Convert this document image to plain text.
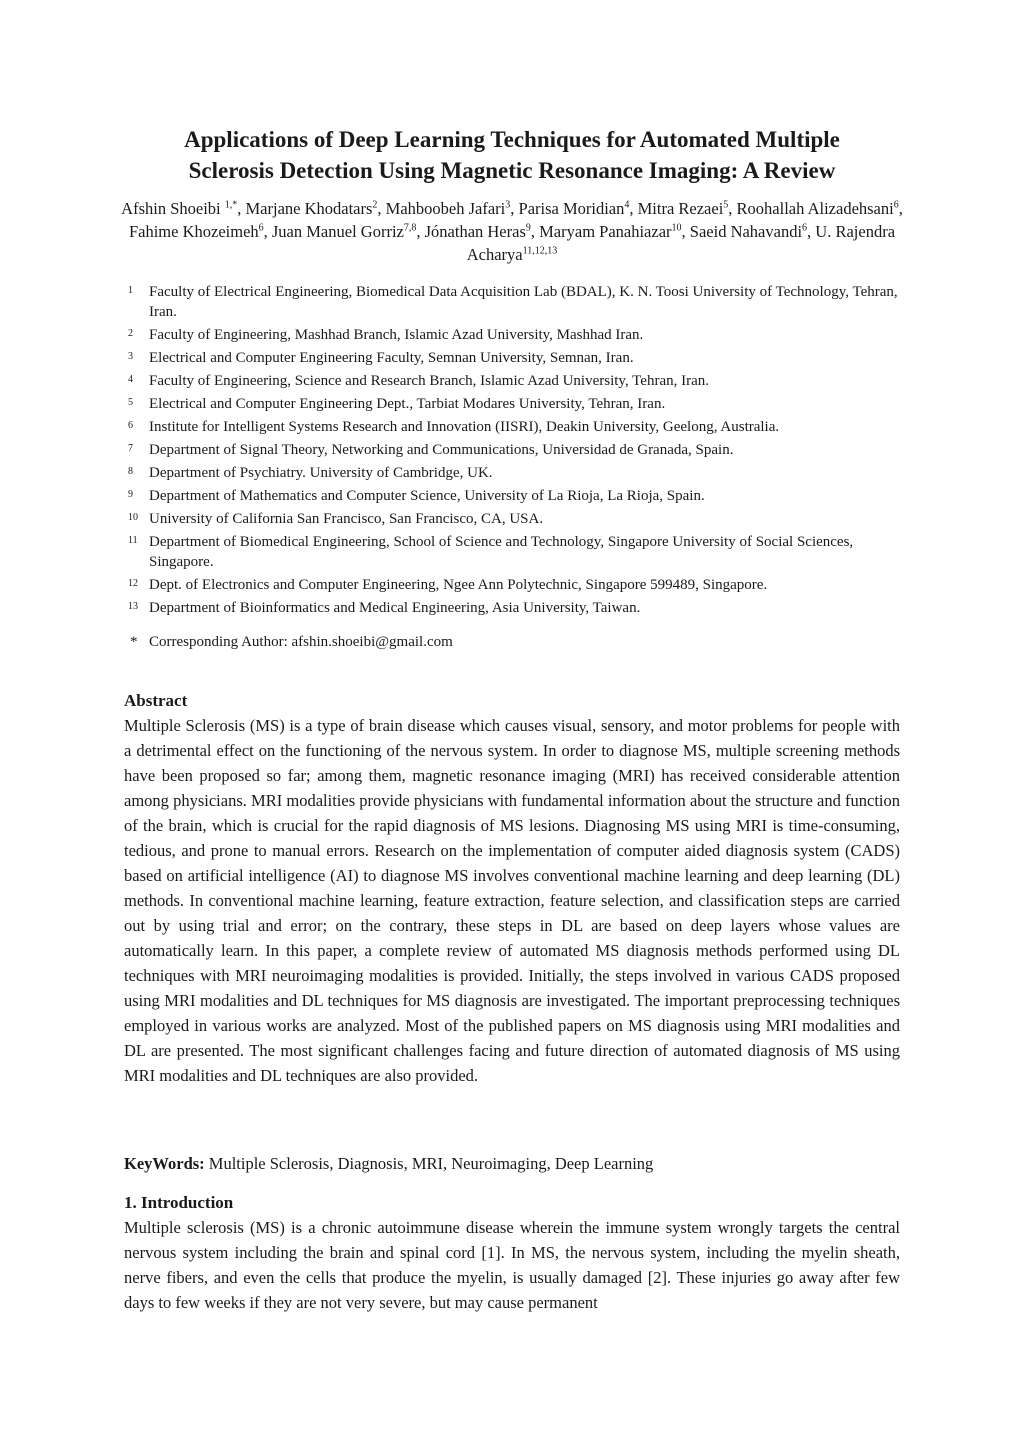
Applications of Deep Learning Techniques for Automated Multiple
Sclerosis Detection Using Magnetic Resonance Imaging: A Review
Afshin Shoeibi $^{1,*}$, Marjane Khodatars$^2$, Mahboobeh Jafari$^3$, Parisa Moridian$^4$, Mitra Rezaei$^5$, Roohallah Alizadehsani$^6$, Fahime Khozeimeh$^6$, Juan Manuel Gorriz$^{7,8}$, Jónathan Heras$^9$, Maryam Panahiazar$^{10}$, Saeid Nahavandi$^6$, U. Rajendra Acharya$^{11,12,13}$
1	Faculty of Electrical Engineering, Biomedical Data Acquisition Lab (BDAL), K. N. Toosi University of Technology, Tehran, Iran.
2	Faculty of Engineering, Mashhad Branch, Islamic Azad University, Mashhad Iran.
3	Electrical and Computer Engineering Faculty, Semnan University, Semnan, Iran.
4	Faculty of Engineering, Science and Research Branch, Islamic Azad University, Tehran, Iran.
5	Electrical and Computer Engineering Dept., Tarbiat Modares University, Tehran, Iran.
6	Institute for Intelligent Systems Research and Innovation (IISRI), Deakin University, Geelong, Australia.
7	Department of Signal Theory, Networking and Communications, Universidad de Granada, Spain.
8	Department of Psychiatry. University of Cambridge, UK.
9	Department of Mathematics and Computer Science, University of La Rioja, La Rioja, Spain.
10 University of California San Francisco, San Francisco, CA, USA.
11 Department of Biomedical Engineering, School of Science and Technology, Singapore University of Social Sciences, Singapore.
12 Dept. of Electronics and Computer Engineering, Ngee Ann Polytechnic, Singapore 599489, Singapore.
13 Department of Bioinformatics and Medical Engineering, Asia University, Taiwan.
* Corresponding Author: afshin.shoeibi@gmail.com
Abstract

Multiple Sclerosis (MS) is a type of brain disease which causes visual, sensory, and motor problems for people with a detrimental effect on the functioning of the nervous system. In order to diagnose MS, multiple screening methods have been proposed so far; among them, magnetic resonance imaging (MRI) has received considerable attention among physicians. MRI modalities provide physicians with fundamental information about the structure and function of the brain, which is crucial for the rapid diagnosis of MS lesions. Diagnosing MS using MRI is time-consuming, tedious, and prone to manual errors. Research on the implementation of computer aided diagnosis system (CADS) based on artificial intelligence (AI) to diagnose MS involves conventional machine learning and deep learning (DL) methods. In conventional machine learning, feature extraction, feature selection, and classification steps are carried out by using trial and error; on the contrary, these steps in DL are based on deep layers whose values are automatically learn. In this paper, a complete review of automated MS diagnosis methods performed using DL techniques with MRI neuroimaging modalities is provided. Initially, the steps involved in various CADS proposed using MRI modalities and DL techniques for MS diagnosis are investigated. The important preprocessing techniques employed in various works are analyzed. Most of the published papers on MS diagnosis using MRI modalities and DL are presented. The most significant challenges facing and future direction of automated diagnosis of MS using MRI modalities and DL techniques are also provided.

KeyWords: Multiple Sclerosis, Diagnosis, MRI, Neuroimaging, Deep Learning
1. Introduction

Multiple sclerosis (MS) is a chronic autoimmune disease wherein the immune system wrongly targets the central nervous system including the brain and spinal cord [1]. In MS, the nervous system, including the myelin sheath, nerve fibers, and even the cells that produce the myelin, is usually damaged [2]. These injuries go away after few days to few weeks if they are not very severe, but may cause permanent
